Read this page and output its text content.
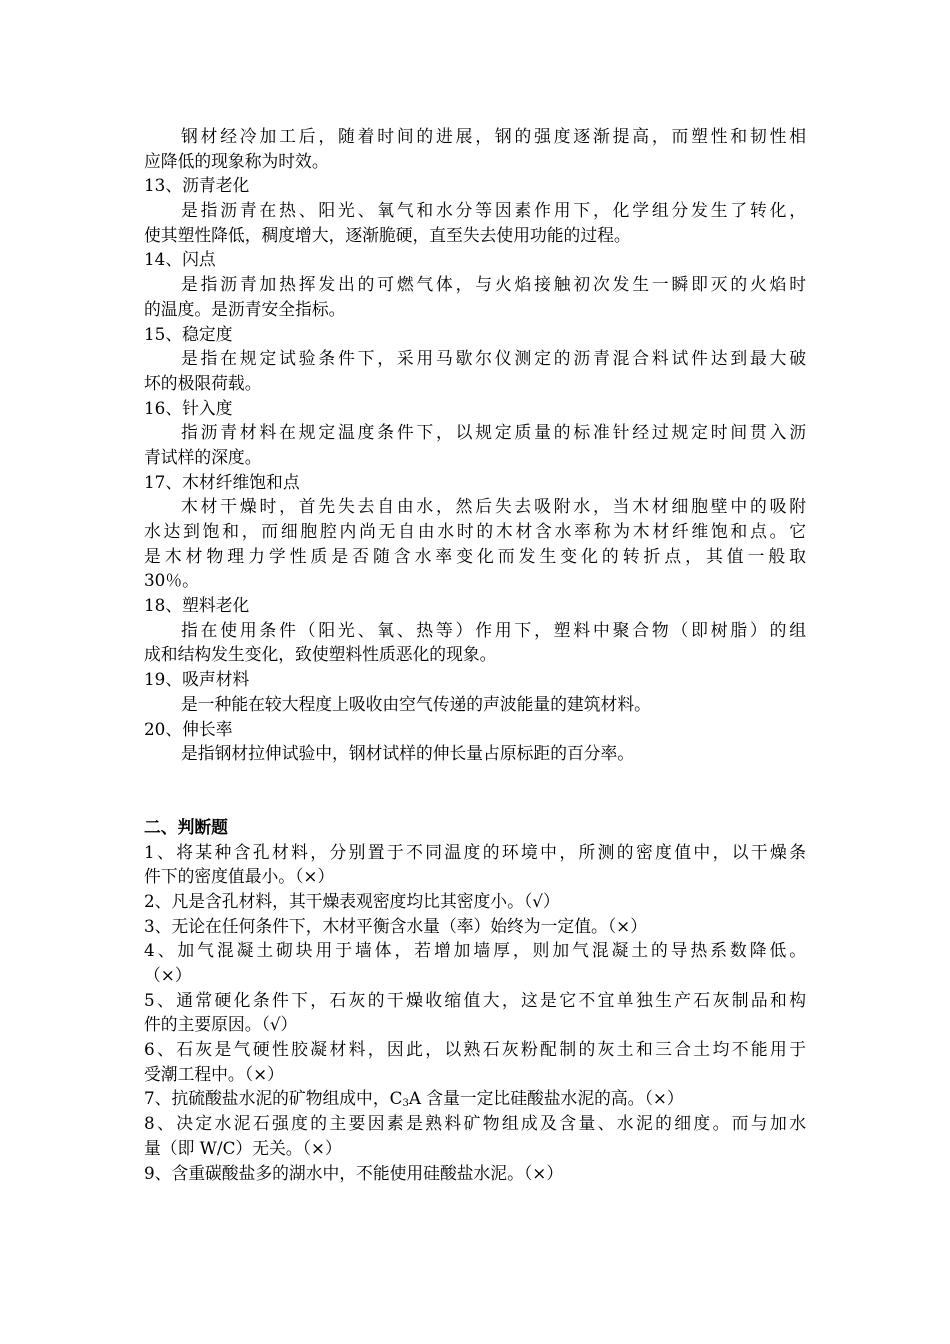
钢材经冷加工后，随着时间的进展，钢的强度逐渐提高，而塑性和韧性相
应降低的现象称为时效。
13、沥青老化
是指沥青在热、阳光、氧气和水分等因素作用下，化学组分发生了转化，
使其塑性降低，稠度增大，逐渐脆硬，直至失去使用功能的过程。
14、闪点
是指沥青加热挥发出的可燃气体，与火焰接触初次发生一瞬即灭的火焰时
的温度。是沥青安全指标。
15、稳定度
是指在规定试验条件下，采用马歇尔仪测定的沥青混合料试件达到最大破
坏的极限荷载。
16、针入度
指沥青材料在规定温度条件下，以规定质量的标准针经过规定时间贯入沥
青试样的深度。
17、木材纤维饱和点
木材干燥时，首先失去自由水，然后失去吸附水，当木材细胞壁中的吸附
水达到饱和，而细胞腔内尚无自由水时的木材含水率称为木材纤维饱和点。它
是木材物理力学性质是否随含水率变化而发生变化的转折点，其值一般取
30％。
18、塑料老化
指在使用条件（阳光、氧、热等）作用下，塑料中聚合物（即树脂）的组
成和结构发生变化，致使塑料性质恶化的现象。
19、吸声材料
是一种能在较大程度上吸收由空气传递的声波能量的建筑材料。
20、伸长率
是指钢材拉伸试验中，钢材试样的伸长量占原标距的百分率。
二、判断题
1、将某种含孔材料，分别置于不同温度的环境中，所测的密度值中，以干燥条
件下的密度值最小。（×）
2、凡是含孔材料，其干燥表观密度均比其密度小。（√）
3、无论在任何条件下，木材平衡含水量（率）始终为一定值。（×）
4、加气混凝土砌块用于墙体，若增加墙厚，则加气混凝土的导热系数降低。
（×）
5、通常硬化条件下，石灰的干燥收缩值大，这是它不宜单独生产石灰制品和构
件的主要原因。（√）
6、石灰是气硬性胶凝材料，因此，以熟石灰粉配制的灰土和三合土均不能用于
受潮工程中。（×）
7、抗硫酸盐水泥的矿物组成中，$C_3A$ 含量一定比硅酸盐水泥的高。（×）
8、决定水泥石强度的主要因素是熟料矿物组成及含量、水泥的细度。而与加水
量（即 W/C）无关。（×）
9、含重碳酸盐多的湖水中，不能使用硅酸盐水泥。（×）
